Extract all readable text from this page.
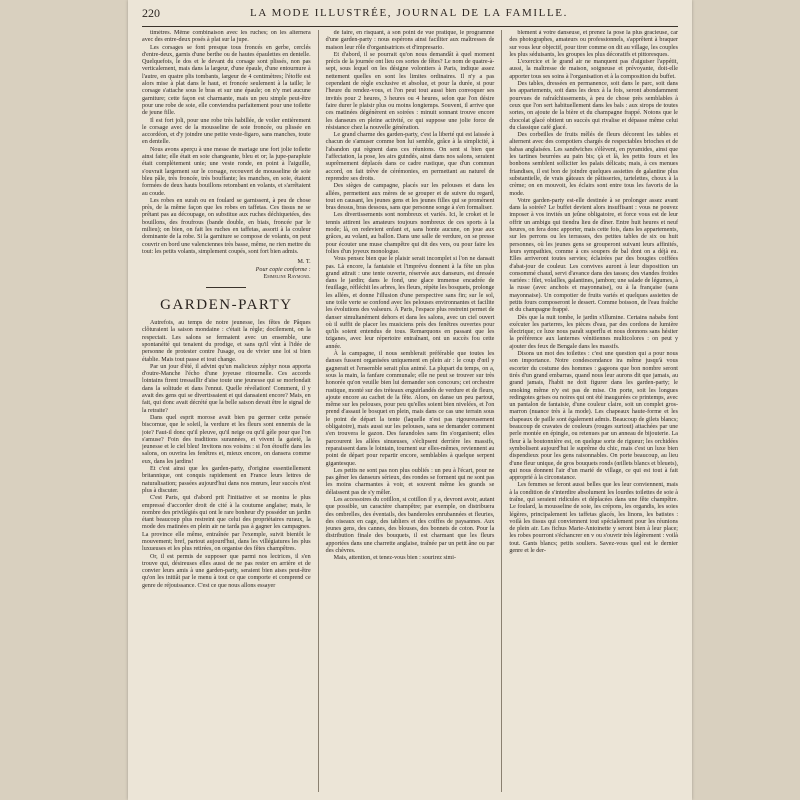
220	LA MODE ILLUSTRÉE, JOURNAL DE LA FAMILLE.

timètres. Même combinaison avec les ruches; on les alternera avec des entre-deux posés à plat sur la jupe.

Les corsages se font presque tous froncés en gerbe, cerclés d'entre-deux, garnis d'une berthe ou de hautes épaulettes en dentelle. Quelquefois, le dos et le devant du corsage sont plissés, non pas verticalement, mais dans la largeur, d'une épaule, d'une entournure à l'autre, en quatre plis tombants, largeur de 4 centimètres; l'étoffe est alors mise à plat dans le haut, et froncée seulement à la taille; le corsage s'attache sous le bras et sur une épaule; on n'y met aucune garniture; cette façon est charmante, mais un peu simple peut-être pour une robe de soie, elle conviendra parfaitement pour une toilette de jeune fille.

Il est fort joli, pour une robe très habillée, de voiler entièrement le corsage avec de la mousseline de soie froncée, ou plissée en accordéon, et d'y joindre une petite veste-figaro, sans manches, toute en dentelle.

Nous avons aperçu à une messe de mariage une fort jolie toilette ainsi faite; elle était en soie changeante, bleu et or; la jupe-parapluie était complètement unie; une veste ronde, en point à l'aiguille, s'ouvrait largement sur le corsage, recouvert de mousseline de soie bleu pâle, très froncée, très bouffante; les manches, en soie, étaient formées de deux hauts bouillons retombant en volants, et s'arrêtaient au coude.

Les robes en surah ou en foulard se garnissent, à peu de chose près, de la même façon que les robes en taffetas. Ces tissus ne se prêtant pas au découpage, on substitue aux ruches déchiquetées, des bouillons, des froufrous (bande double, en biais, froncée par le milieu); on bien, on fait les ruches en taffetas, assorti à la couleur dominante de la robe. Si la garniture se compose de volants, on peut couvrir en bord une valenciennes très basse, même, ne rien mettre du tout: les petits volants, simplement coupés, sont fort bien admis.

M. T.
Pour copie conforme :
Emmeline Raymond.
GARDEN-PARTY

Autrefois, au temps de notre jeunesse, les fêtes de Pâques clôturaient la saison mondaine : c'était la règle; docilement, on la respectait. Les salons se fermaient avec un ensemble, une spontanéité qui tenaient du prodige, et sans qu'il vînt à l'idée de personne de protester contre l'usage, ou de vivier une loi si bien établie. Mais tout passe et tout change.

Par un jour d'été, il advint qu'un malicieux zéphyr nous apporta d'outre-Manche l'écho d'une joyeuse ritournelle. Ces accords lointains firent tressaillir d'aise toute une jeunesse qui se morfondait dans la solitude et dans l'ennui. Quelle révélation! Comment, il y avait des gens qui se divertissaient et qui dansaient encore? Mais, en fait, qui donc avait décrété que la belle saison devait être le signal de la retraite?

Dans quel esprit morose avait bien pu germer cette pensée biscornue, que le soleil, la verdure et les fleurs sont ennemis de la joie? Faut-il donc qu'il pleuve, qu'il neige ou qu'il gèle pour que l'on s'amuse? Foin des traditions surannées, et vivent la gaieté, la jeunesse et le ciel bleu! Invitons nos voisins : si l'on étouffe dans les salons, on ouvrira les fenêtres et, mieux encore, on dansera comme eux, dans les jardins!

Et c'est ainsi que les garden-party, d'origine essentiellement britannique, ont conquis rapidement en France leurs lettres de naturalisation; passées aujourd'hui dans nos mœurs, leur succès n'est plus à discuter.

C'est Paris, qui d'abord prit l'initiative et se montra le plus empressé d'accorder droit de cité à la coutume anglaise; mais, le nombre des privilégiés qui ont le rare bonheur d'y posséder un jardin étant beaucoup plus restreint que celui des propriétaires ruraux, la mode des matinées en plein air ne tarda pas à gagner les campagnes. La province elle même, entraînée par l'exemple, suivit bientôt le mouvement; bref, partout aujourd'hui, dans les villégiatures les plus luxueuses et les plus retirées, on organise des fêtes champêtres.

Or, il est permis de supposer que parmi nos lectrices, il s'en trouve qui, désireuses elles aussi de ne pas rester en arrière et de convier leurs amis à une garden-party, seraient bien aises peut-être qu'on les initiât par le menu à tout ce que comporte et comprend ce genre de réjouissance. C'est ce que nous allons essayer

de faire, en risquant, à son point de vue pratique, le programme d'une garden-party : nous espérons ainsi faciliter aux maîtresses de maison leur rôle d'organisatrices et d'impresario.

Et d'abord, il se pourrait qu'on nous demandât à quel moment précis de la journée ont lieu ces sortes de fêtes? Le nom de quatre-à-sept, sous lequel on les désigne volontiers à Paris, indique assez nettement quelles en sont les limites ordinaires. Il n'y a pas cependant de règle exclusive et absolue, et pour la durée, si pour l'heure du rendez-vous, et l'on peut tout aussi bien convoquer ses invités pour 2 heures, 3 heures ou 4 heures, selon que l'on désire faire durer le plaisir plus ou moins longtemps. Souvent, il arrive que ces matinées dégénèrent en soirées : minuit sonnant trouve encore les danseurs en pleine activité, ce qui suppose une jolie force de résistance chez la nouvelle génération.

Le grand charme des garden-party, c'est la liberté qui est laissée à chacun de s'amuser comme bon lui semble, grâce à la simplicité, à l'abandon qui règnent dans ces réunions. On sent si bien que l'affectation, la pose, les airs guindés, ainsi dans nos salons, seraient suprêmement déplacés dans ce cadre rustique, que d'un commun accord, on fait trêve de cérémonies, en permettant au naturel de reprendre ses droits.

Des sièges de campagne, placés sur les pelouses et dans les allées, permettent aux mères de se grouper et de suivre du regard, tout en causant, les jeunes gens et les jeunes filles qui se promènent bras dessus, bras dessous, sans que personne songe à s'en formaliser.

Les divertissements sont nombreux et variés. Ici, le croket et le tennis attirent les amateurs toujours nombreux de ces sports à la mode; là, on redevient enfant et, sans honte aucune, on joue aux grâces, au volant, au ballon. Dans une salle de verdure, on se presse pour écouter une muse champêtre qui dit des vers, ou pour faire les folies d'un joyeux monologue.

Vous pensez bien que le plaisir serait incomplet si l'on ne dansait pas. Là encore, la fantaisie et l'imprévu donnent à la fête un plus grand attrait : une tente ouverte, réservée aux danseurs, est dressée dans le jardin; dans le fond, une glace immense encadrée de feuillage, réfléchit les arbres, les fleurs, répète les bosquets, prolonge les allées, et donne l'illusion d'une perspective sans fin; sur le sol, une toile verte se confond avec les pelouses environnantes et facilite les évolutions des valseurs. À Paris, l'espace plus restreint permet de danser simultanément dehors et dans les salons, avec un ciel ouvert où il suffit de placer les musiciens près des fenêtres ouvertes pour qu'ils soient entendus de tous. Remarquons en passant que les tziganes, avec leur répertoire entraînant, ont un succès fou cette année.

À la campagne, il nous semblerait préférable que toutes les danses fussent organisées uniquement en plein air : le coup d'œil y gagnerait et l'ensemble serait plus animé. La plupart du temps, on a, sous la main, la fanfare communale; elle ne peut se trouver sur très honorée qu'on veuille bien lui demander son concours; cet orchestre rustique, monté sur des tréteaux enguirlandés de verdure et de fleurs, ajoute encore au cachet de la fête. Alors, on danse un peu partout, même sur les pelouses, pour peu qu'elles soient bien nivelées, et l'on prend d'assaut le bosquet en plein, mais dans ce cas une terrain sous le point de départ la tente (laquelle n'est pas rigoureusement obligatoire), mais aussi sur les pelouses, sans se demander comment s'en trouvera le gazon. Des farandoles sans fin s'organisent; elles parcourent les allées sinueuses, s'éclipsent derrière les massifs, reparaissent dans le lointain, tournent sur elles-mêmes, reviennent au point de départ pour repartir encore, semblables à quelque serpent gigantesque.

Les petits ne sont pas non plus oubliés : un peu à l'écart, pour ne pas gêner les danseurs sérieux, des rondes se forment qui ne sont pas les moins charmantes à voir, et souvent même les grands se délaissent pas de s'y mêler.

Les accessoires du cotillon, si cotillon il y a, devront avoir, autant que possible, un caractère champêtre; par exemple, on distribuera des ombrelles, des éventails, des banderoles enrubannées et fleuries, des oiseaux en cage, des tabliers et des coiffes de paysannes. Aux jeunes gens, des cannes, des blouses, des bonnets de coton. Pour la distribution finale des bouquets, il est charmant que les fleurs apportées dans une charrette anglaise, traînée par un petit âne ou par des chèvres.

Mais, attention, et tenez-vous bien : sourirez simi-

blement à votre danseuse, et prenez la pose la plus gracieuse, car des photographes, amateurs ou professionnels, s'apprêtent à braquer sur vous leur objectif, pour tirer comme on dit au village, les couples les plus séduisants, les groupes les plus décoratifs et pittoresques.

L'exercice et le grand air ne manquent pas d'aiguiser l'appétit, aussi, la maîtresse de maison, soigneuse et prévoyante, doit-elle apporter tous ses soins à l'organisation et à la composition du buffet.

Des tables, dressées en permanence, soit dans le parc, soit dans les appartements, soit dans les deux à la fois, seront abondamment pourvues de rafraîchissements, à peu de chose près semblables à ceux que l'on sert habituellement dans les bals : aux sirops de toutes sortes, on ajoute de la bière et du champagne frappé. Notons que le chocolat glacé obtient un succès qui rivalise et dépasse même celui du classique café glacé.

Des corbeilles de fruits mêlés de fleurs décorent les tables et alternent avec des compotiers chargés de respectables brioches et de babas anglaisées. Les sandwiches s'élèvent, en pyramides, ainsi que les tartines beurrées au pain bis; çà et là, les petits fours et les bonbons semblent solliciter les palais délicats; mais, à ces menues friandises, il est bon de joindre quelques assiettes de galantine plus substantielle, de vrais gâteaux de pâtisseries, tartelettes, choux à la crème; on en mouvoit, les éclairs sont entre tous les favoris de la mode.

Votre garden-party est-elle destinée à se prolonger assez avant dans la soirée? Le buffet devient alors insuffisant : vous ne pouvez imposer à vos invités un jeûne obligatoire, et force vous est de leur offrir un ambigu qui tiendra lieu de dîner. Entre huit heures et neuf heures, on fera donc apporter, mais cette fois, dans les appartements, sur les perrons ou les terrasses, des petites tables de six ou huit personnes, où les jeunes gens se grouperont suivant leurs affinités, leurs sympathies, comme à ces soupers de bal dont on a déjà eu. Elles arriveront toutes servies; éclairées par des bougies coiffées d'abat-jour de couleur. Les convives auront à leur disposition un consommé chaud, servi d'avance dans des tasses; des viandes froides variées : filet, volailles, galantines, jambon; une salade de légumes, à la russe (avec anchois et mayonnaise), ou à la française (sans mayonnaise). Un compotier de fruits variés et quelques assiettes de petits fours composeront le dessert. Comme boisson, de l'eau fraîche et du champagne frappé.

Dès que la nuit tombe, le jardin s'illumine. Certains nababs font exécuter les parterres, les pièces d'eau, par des cordons de lumière électrique; ce luxe nous paraît superflu et nous donnons sans hésiter la préférence aux lanternes vénitiennes multicolores : on peut y ajouter des feux de Bengale dans les massifs.

Disons un mot des toilettes : c'est une question qui a pour nous son importance. Notre condescendance ira même jusqu'à vous escorter du costume des hommes : gageons que bon nombre seront tirés d'un grand embarras, quand nous leur aurons dit que jamais, au grand jamais, l'habit ne doit figurer dans les garden-party; le smoking même n'y est pas de mise. On porte, soit les longues redingotes grises ou noires qui ont été inaugurées ce printemps, avec un pantalon de fantaisie, d'une couleur claire, soit un complet gros-marron (nuance très à la mode). Les chapeaux haute-forme et les chapeaux de paille sont également admis. Beaucoup de gilets blancs; beaucoup de cravates de couleurs (rouges surtout) attachées par une perle montée en épingle, ou retenues par un anneau de bijouterie. La fleur à la boutonnière est, on quelque sorte de rigueur; les orchidées symbolisent aujourd'hui le suprême du chic, mais c'est un luxe bien dispendieux pour les gens raisonnables. On porte beaucoup, au lieu d'une fleur unique, de gros bouquets ronds (œillets blancs et bleuets), qui nous donnent l'air d'un marié de village, ce qui est tout à fait approprié à la circonstance.

Les femmes se feront aussi belles que les leur conviennent, mais à la condition de s'interdire absolument les lourdes toilettes de soie à traîne, qui seraient ridicules et déplacées dans une fête champêtre. Le foulard, la mousseline de soie, les crépons, les organdis, les soies légères, principalement les taffetas glacés, les linons, les batistes : voilà les tissus qui conviennent tout spécialement pour les réunions de plein air. Les fichus Marie-Antoinette y seront bien à leur place; les robes pourront s'échancrer en v ou s'ouvrir très légèrement : voilà tout. Gants blancs; petits souliers. Savez-vous quel est le dernier genre et le der-
